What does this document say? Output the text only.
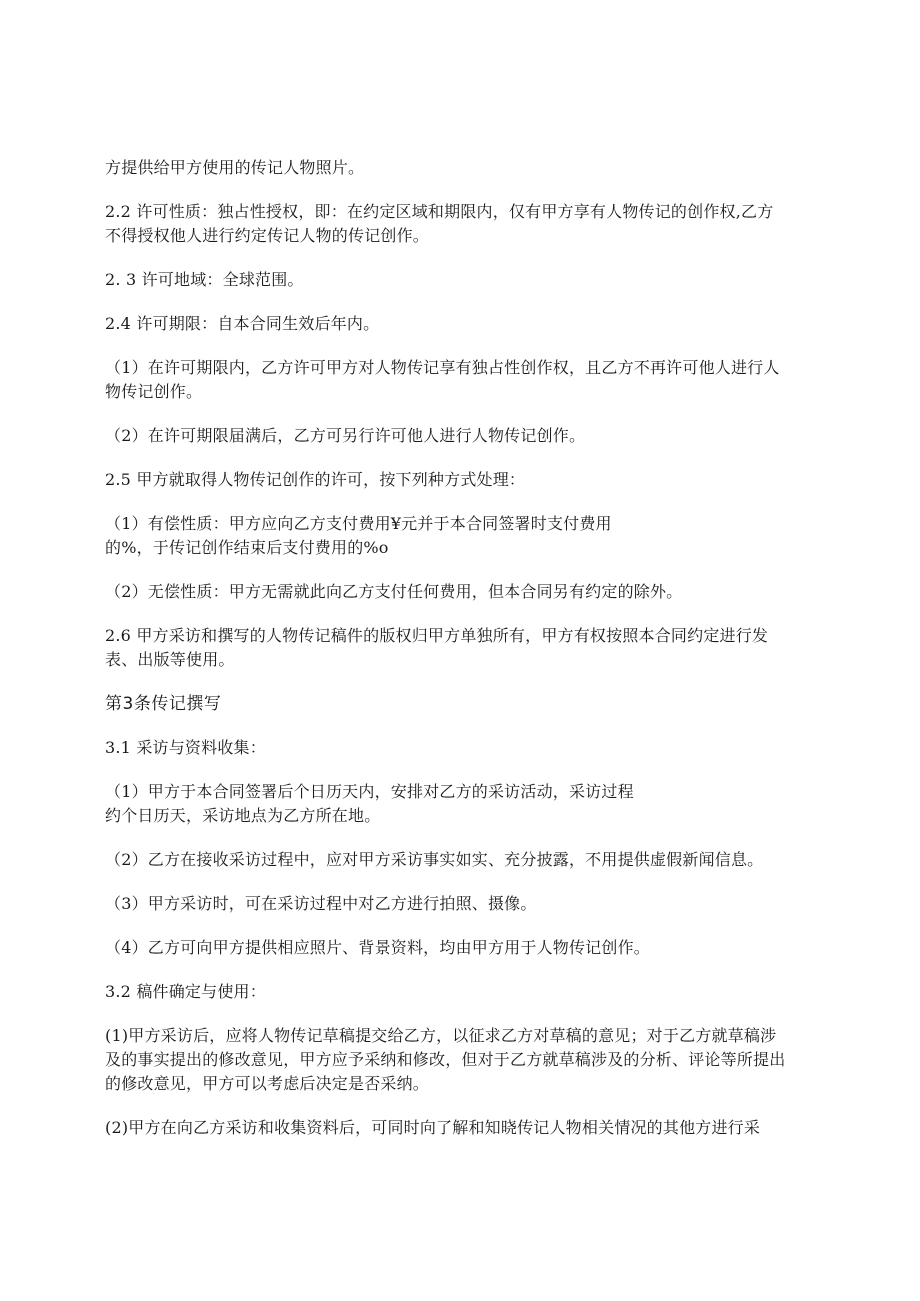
方提供给甲方使用的传记人物照片。

2.2 许可性质：独占性授权，即：在约定区域和期限内，仅有甲方享有人物传记的创作权,乙方
不得授权他人进行约定传记人物的传记创作。

2. 3 许可地域：全球范围。

2.4 许可期限：自本合同生效后年内。

（1）在许可期限内，乙方许可甲方对人物传记享有独占性创作权，且乙方不再许可他人进行人
物传记创作。

（2）在许可期限届满后，乙方可另行许可他人进行人物传记创作。

2.5 甲方就取得人物传记创作的许可，按下列种方式处理：

（1）有偿性质：甲方应向乙方支付费用¥元并于本合同签署时支付费用
的%，于传记创作结束后支付费用的%o

（2）无偿性质：甲方无需就此向乙方支付任何费用，但本合同另有约定的除外。

2.6 甲方采访和撰写的人物传记稿件的版权归甲方单独所有，甲方有权按照本合同约定进行发
表、出版等使用。

第3条传记撰写

3.1 采访与资料收集：

（1）甲方于本合同签署后个日历天内，安排对乙方的采访活动，采访过程
约个日历天，采访地点为乙方所在地。

（2）乙方在接收采访过程中，应对甲方采访事实如实、充分披露，不用提供虚假新闻信息。

（3）甲方采访时，可在采访过程中对乙方进行拍照、摄像。

（4）乙方可向甲方提供相应照片、背景资料，均由甲方用于人物传记创作。

3.2 稿件确定与使用：

(1)甲方采访后，应将人物传记草稿提交给乙方，以征求乙方对草稿的意见；对于乙方就草稿涉
及的事实提出的修改意见，甲方应予采纳和修改，但对于乙方就草稿涉及的分析、评论等所提出
的修改意见，甲方可以考虑后决定是否采纳。

(2)甲方在向乙方采访和收集资料后，可同时向了解和知晓传记人物相关情况的其他方进行采
